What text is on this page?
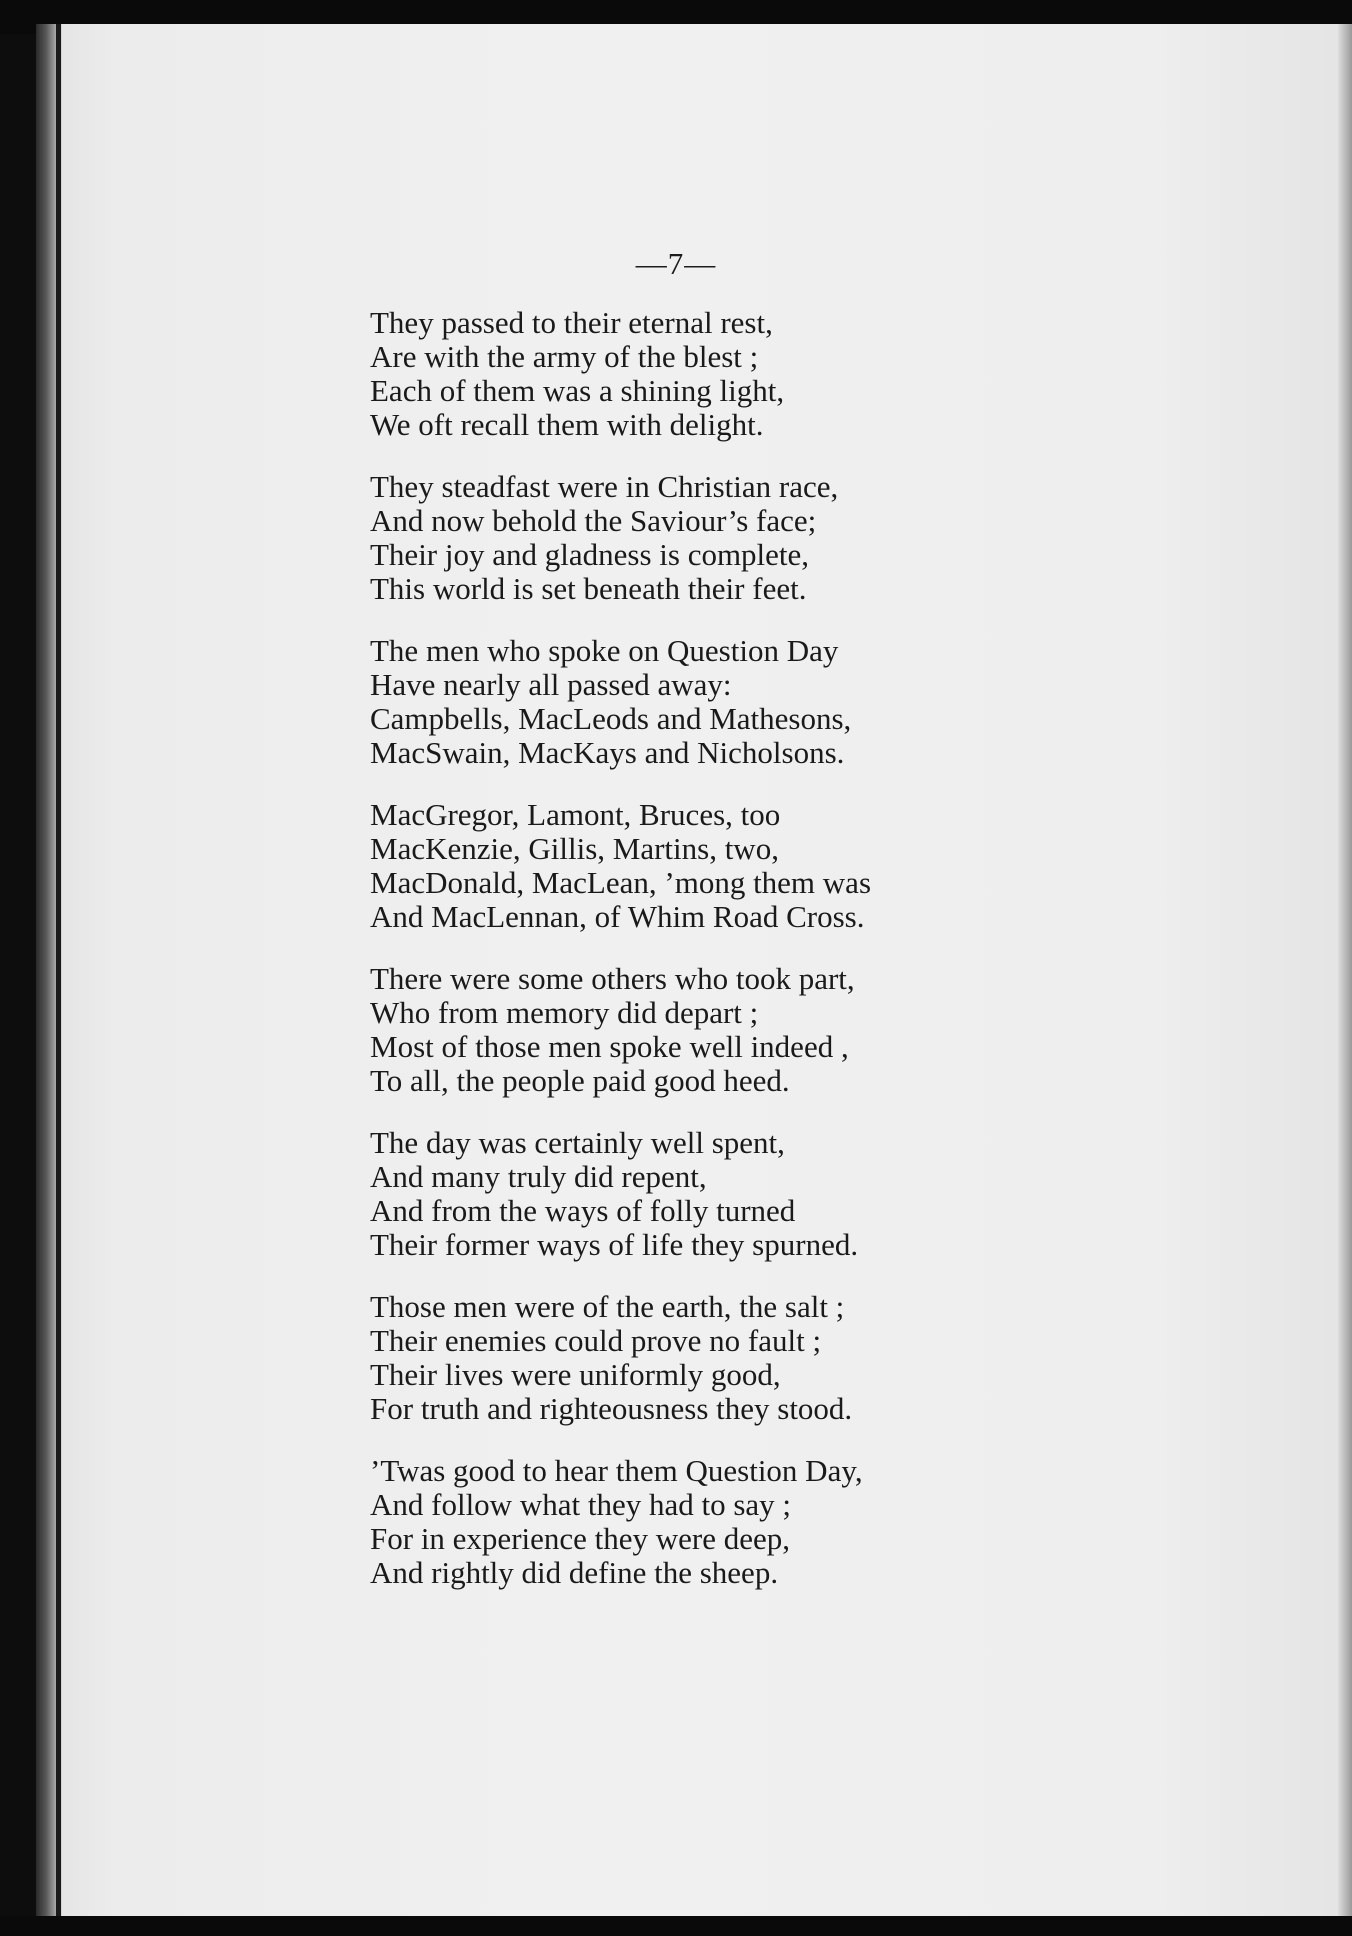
—7—
They passed to their eternal rest,
Are with the army of the blest ;
Each of them was a shining light,
We oft recall them with delight.
They steadfast were in Christian race,
And now behold the Saviour’s face;
Their joy and gladness is complete,
This world is set beneath their feet.
The men who spoke on Question Day
Have nearly all passed away:
Campbells, MacLeods and Mathesons,
MacSwain, MacKays and Nicholsons.
MacGregor, Lamont, Bruces, too
MacKenzie, Gillis, Martins, two,
MacDonald, MacLean, ’mong them was
And MacLennan, of Whim Road Cross.
There were some others who took part,
Who from memory did depart ;
Most of those men spoke well indeed ,
To all, the people paid good heed.
The day was certainly well spent,
And many truly did repent,
And from the ways of folly turned
Their former ways of life they spurned.
Those men were of the earth, the salt ;
Their enemies could prove no fault ;
Their lives were uniformly good,
For truth and righteousness they stood.
’Twas good to hear them Question Day,
And follow what they had to say ;
For in experience they were deep,
And rightly did define the sheep.
